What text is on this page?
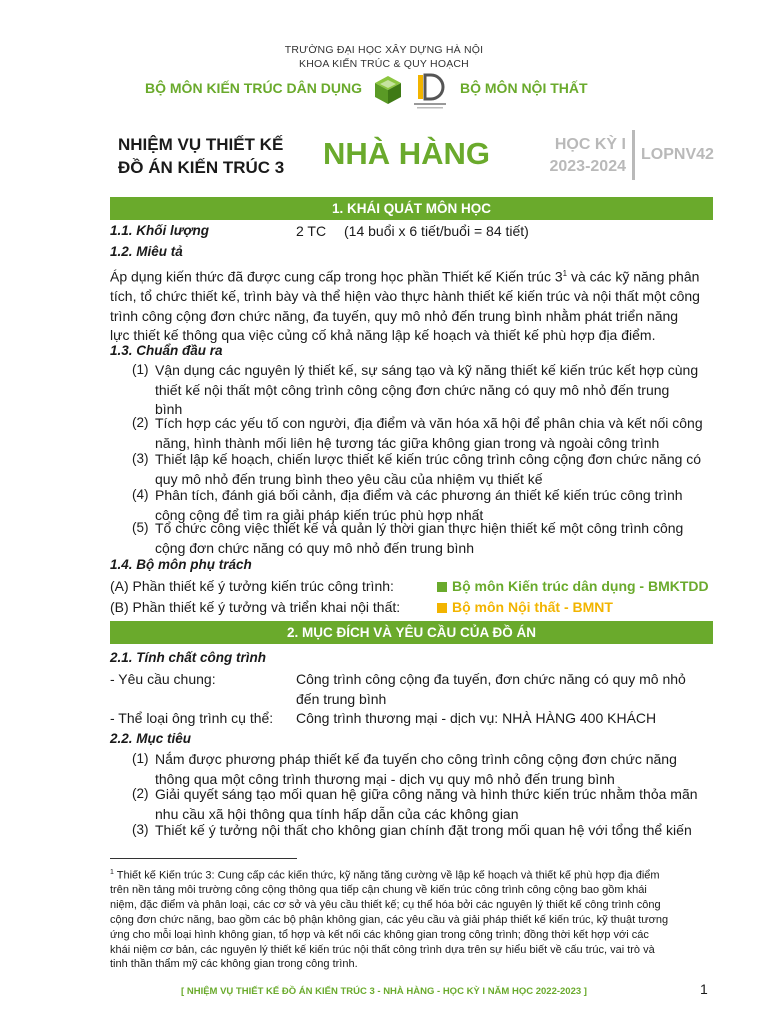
TRƯỜNG ĐẠI HỌC XÂY DỰNG HÀ NỘI
KHOA KIẾN TRÚC & QUY HOẠCH
BỘ MÔN KIẾN TRÚC DÂN DỤNG	BỘ MÔN NỘI THẤT
NHIỆM VỤ THIẾT KẾ
ĐỒ ÁN KIẾN TRÚC 3 NHÀ HÀNG	HỌC KỲ I
2023-2024
LOPNV42
1. KHÁI QUÁT MÔN HỌC
1.1. Khối lượng	2 TC (14 buổi x 6 tiết/buổi = 84 tiết)
1.2. Miêu tả
Áp dụng kiến thức đã được cung cấp trong học phần Thiết kế Kiến trúc $3^1$ và các kỹ năng phân
tích, tổ chức thiết kế, trình bày và thể hiện vào thực hành thiết kế kiến trúc và nội thất một công
trình công cộng đơn chức năng, đa tuyến, quy mô nhỏ đến trung bình nhằm phát triển năng
lực thiết kế thông qua việc củng cố khả năng lập kế hoạch và thiết kế phù hợp địa điểm.
1.3. Chuẩn đầu ra
(1) Vận dụng các nguyên lý thiết kế, sự sáng tạo và kỹ năng thiết kế kiến trúc kết hợp cùng
thiết kế nội thất một công trình công cộng đơn chức năng có quy mô nhỏ đến trung
bình
(2) Tích hợp các yếu tố con người, địa điểm và văn hóa xã hội để phân chia và kết nối công
năng, hình thành mối liên hệ tương tác giữa không gian trong và ngoài công trình
(3) Thiết lập kế hoạch, chiến lược thiết kế kiến trúc công trình công cộng đơn chức năng có
quy mô nhỏ đến trung bình theo yêu cầu của nhiệm vụ thiết kế
(4) Phân tích, đánh giá bối cảnh, địa điểm và các phương án thiết kế kiến trúc công trình
công cộng để tìm ra giải pháp kiến trúc phù hợp nhất
(5) Tổ chức công việc thiết kế và quản lý thời gian thực hiện thiết kế một công trình công
cộng đơn chức năng có quy mô nhỏ đến trung bình
1.4. Bộ môn phụ trách
(A) Phần thiết kế ý tưởng kiến trúc công trình:	Bộ môn Kiến trúc dân dụng - BMKTDD
(B) Phần thiết kế ý tưởng và triển khai nội thất:	Bộ môn Nội thất - BMNT
2. MỤC ĐÍCH VÀ YÊU CẦU CỦA ĐỒ ÁN
2.1. Tính chất công trình
- Yêu cầu chung:	Công trình công cộng đa tuyến, đơn chức năng có quy mô nhỏ
đến trung bình
- Thể loại ông trình cụ thể: Công trình thương mại - dịch vụ: NHÀ HÀNG 400 KHÁCH
2.2. Mục tiêu
(1) Nắm được phương pháp thiết kế đa tuyến cho công trình công cộng đơn chức năng
thông qua một công trình thương mại - dịch vụ quy mô nhỏ đến trung bình
(2) Giải quyết sáng tạo mối quan hệ giữa công năng và hình thức kiến trúc nhằm thỏa mãn
nhu cầu xã hội thông qua tính hấp dẫn của các không gian
(3) Thiết kế ý tưởng nội thất cho không gian chính đặt trong mối quan hệ với tổng thể kiến
$^1$ Thiết kế Kiến trúc 3: Cung cấp các kiến thức, kỹ năng tăng cường về lập kế hoạch và thiết kế phù hợp địa điểm
trên nền tảng môi trường công cộng thông qua tiếp cận chung về kiến trúc công trình công cộng bao gồm khái
niệm, đặc điểm và phân loại, các cơ sở và yêu cầu thiết kế; cụ thể hóa bởi các nguyên lý thiết kế công trình công
cộng đơn chức năng, bao gồm các bộ phận không gian, các yêu cầu và giải pháp thiết kế kiến trúc, kỹ thuật tương
ứng cho mỗi loại hình không gian, tổ hợp và kết nối các không gian trong công trình; đồng thời kết hợp với các
khái niệm cơ bản, các nguyên lý thiết kế kiến trúc nội thất công trình dựa trên sự hiểu biết về cấu trúc, vai trò và
tinh thần thẩm mỹ các không gian trong công trình.
[ NHIỆM VỤ THIẾT KẾ ĐỒ ÁN KIẾN TRÚC 3 - NHÀ HÀNG - HỌC KỲ I NĂM HỌC 2022-2023 ]	1
